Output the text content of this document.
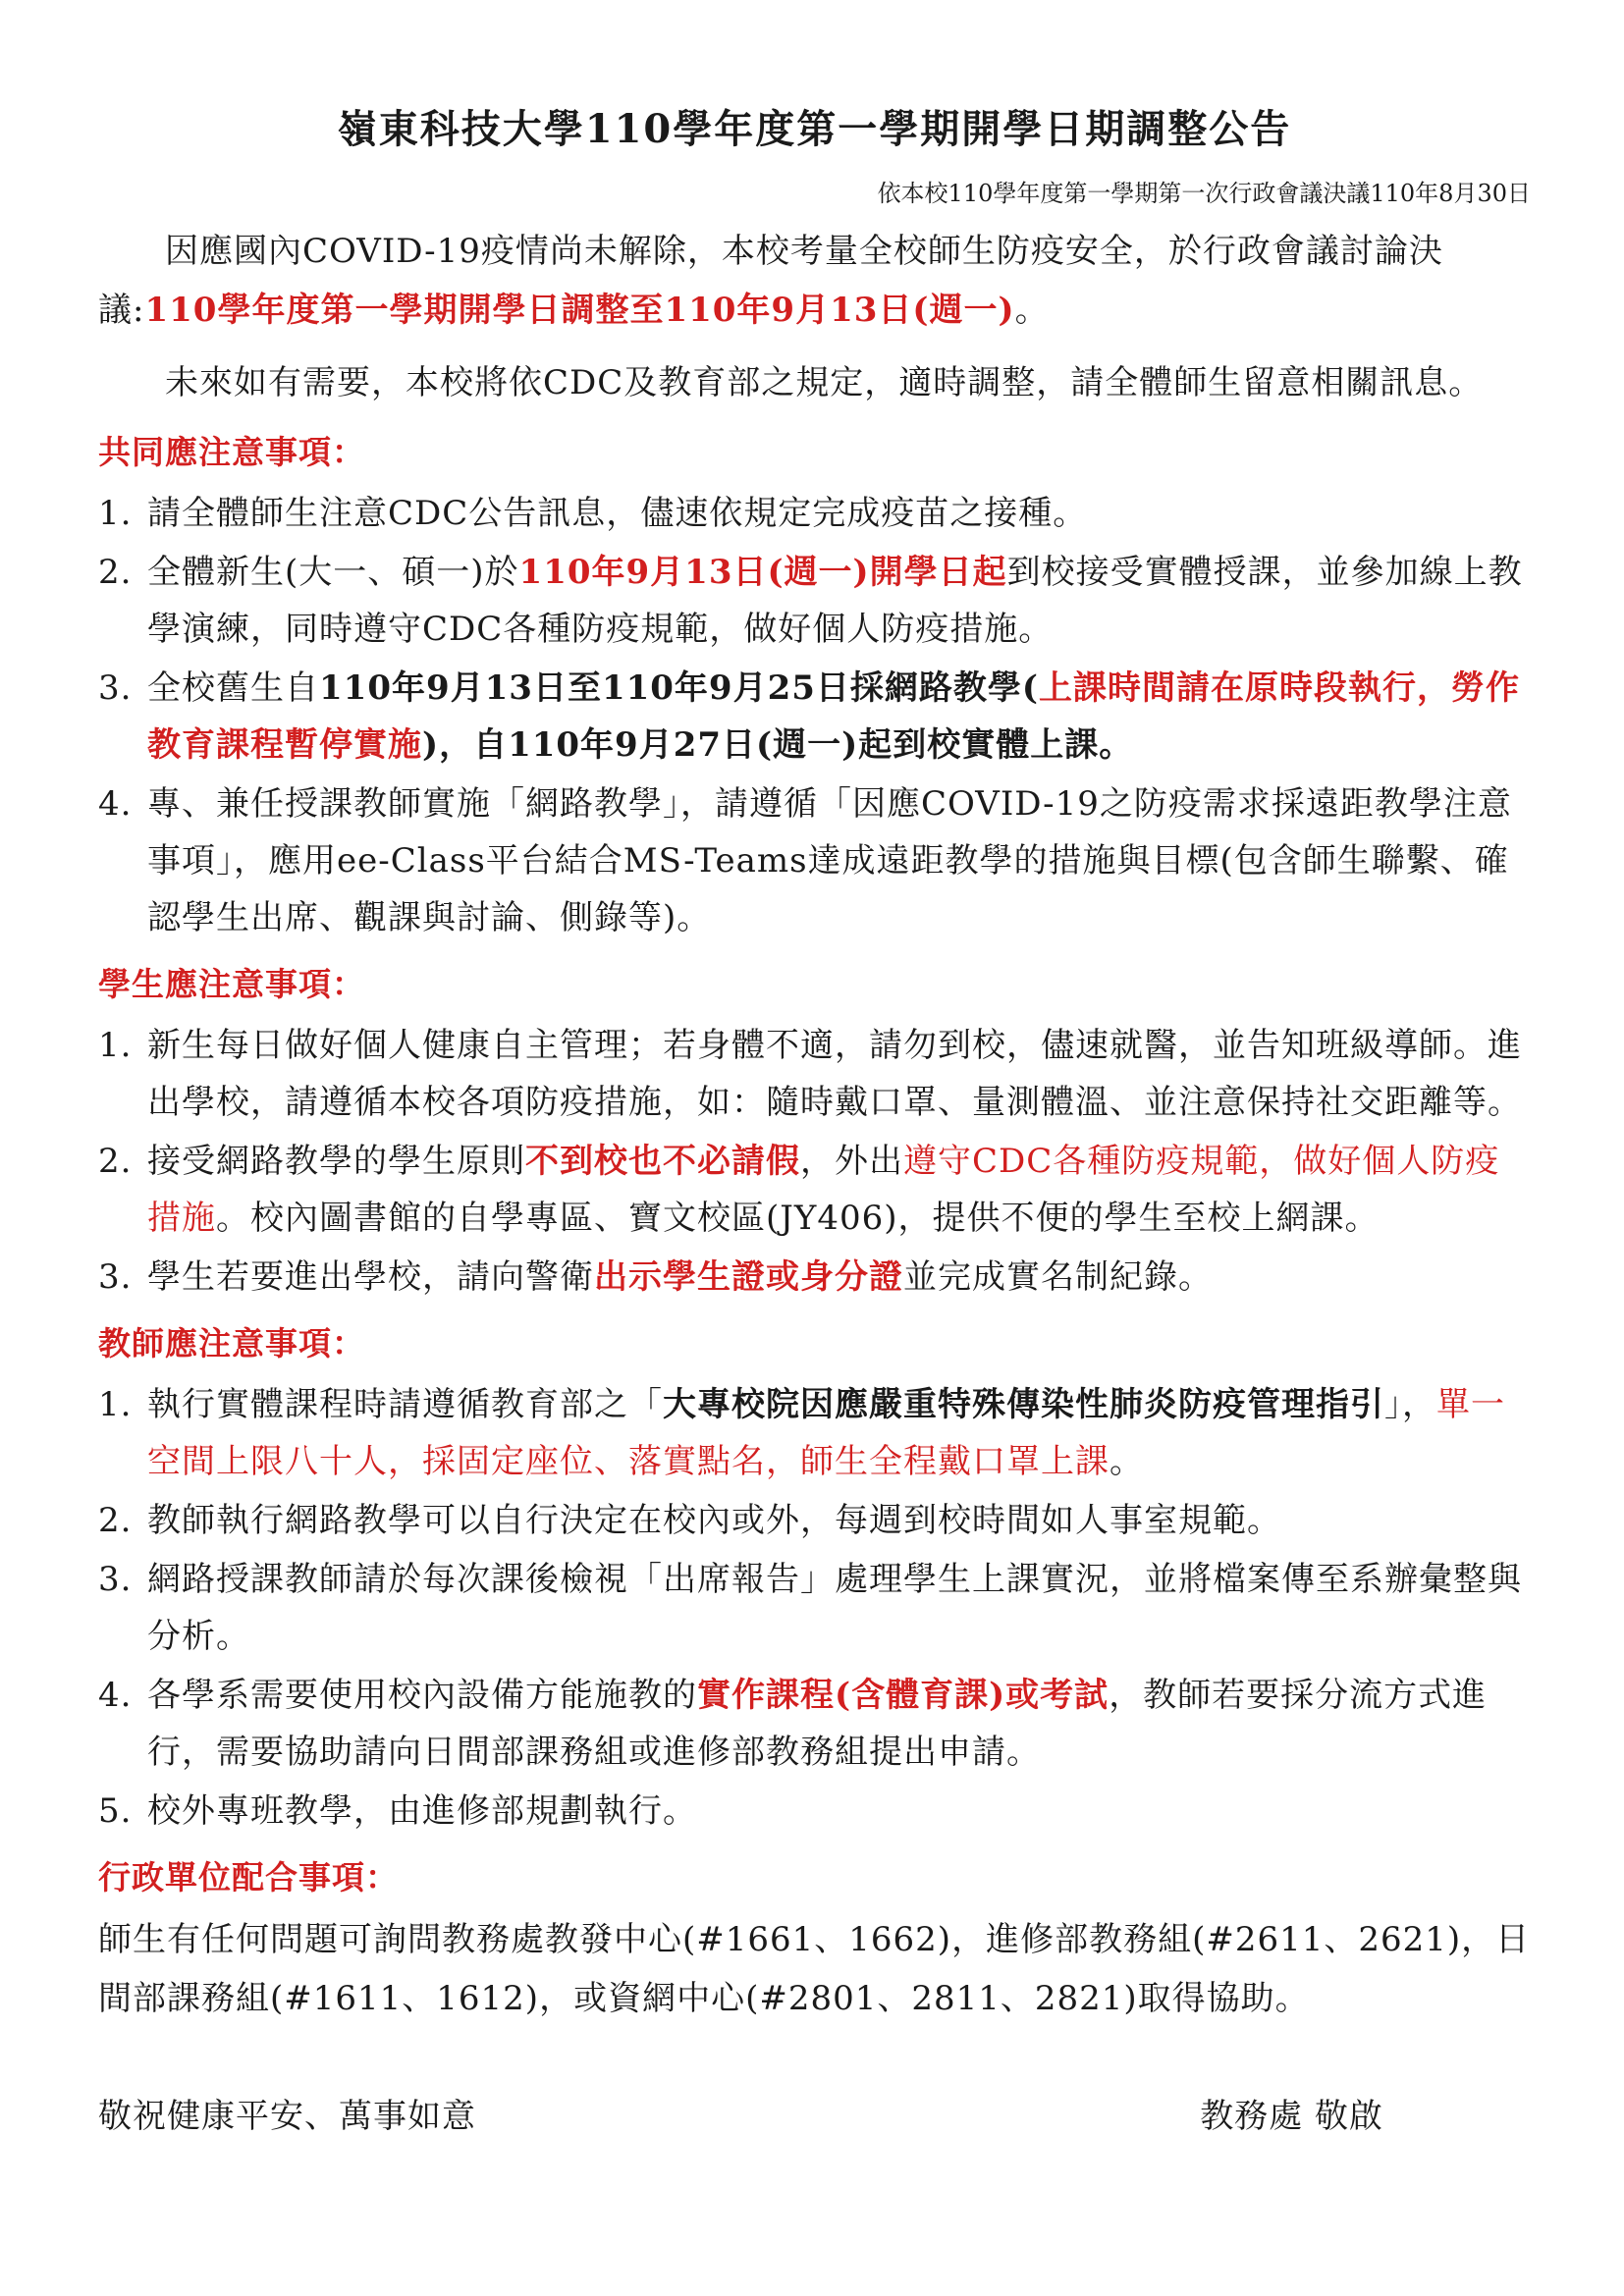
嶺東科技大學110學年度第一學期開學日期調整公告
依本校110學年度第一學期第一次行政會議決議110年8月30日

因應國內COVID-19疫情尚未解除，本校考量全校師生防疫安全，於行政會議討論決議:110學年度第一學期開學日調整至110年9月13日(週一)。

未來如有需要，本校將依CDC及教育部之規定，適時調整，請全體師生留意相關訊息。

共同應注意事項：
1. 請全體師生注意CDC公告訊息，儘速依規定完成疫苗之接種。
2. 全體新生(大一、碩一)於110年9月13日(週一)開學日起到校接受實體授課，並參加線上教學演練，同時遵守CDC各種防疫規範，做好個人防疫措施。
3. 全校舊生自110年9月13日至110年9月25日採網路教學(上課時間請在原時段執行，勞作教育課程暫停實施)，自110年9月27日(週一)起到校實體上課。
4. 專、兼任授課教師實施「網路教學」，請遵循「因應COVID-19之防疫需求採遠距教學注意事項」，應用ee-Class平台結合MS-Teams達成遠距教學的措施與目標(包含師生聯繫、確認學生出席、觀課與討論、側錄等)。
學生應注意事項：
1. 新生每日做好個人健康自主管理；若身體不適，請勿到校，儘速就醫，並告知班級導師。進出學校，請遵循本校各項防疫措施，如：隨時戴口罩、量測體溫、並注意保持社交距離等。
2. 接受網路教學的學生原則不到校也不必請假，外出遵守CDC各種防疫規範，做好個人防疫措施。校內圖書館的自學專區、寶文校區(JY406)，提供不便的學生至校上網課。
3. 學生若要進出學校，請向警衛出示學生證或身分證並完成實名制紀錄。
教師應注意事項：
1. 執行實體課程時請遵循教育部之「大專校院因應嚴重特殊傳染性肺炎防疫管理指引」，單一空間上限八十人，採固定座位、落實點名，師生全程戴口罩上課。
2. 教師執行網路教學可以自行決定在校內或外，每週到校時間如人事室規範。
3. 網路授課教師請於每次課後檢視「出席報告」處理學生上課實況，並將檔案傳至系辦彙整與分析。
4. 各學系需要使用校內設備方能施教的實作課程(含體育課)或考試，教師若要採分流方式進行，需要協助請向日間部課務組或進修部教務組提出申請。
5. 校外專班教學，由進修部規劃執行。
行政單位配合事項：

師生有任何問題可詢問教務處教發中心(#1661、1662)，進修部教務組(#2611、2621)，日間部課務組(#1611、1612)，或資網中心(#2801、2811、2821)取得協助。

敬祝健康平安、萬事如意	教務處 敬啟
